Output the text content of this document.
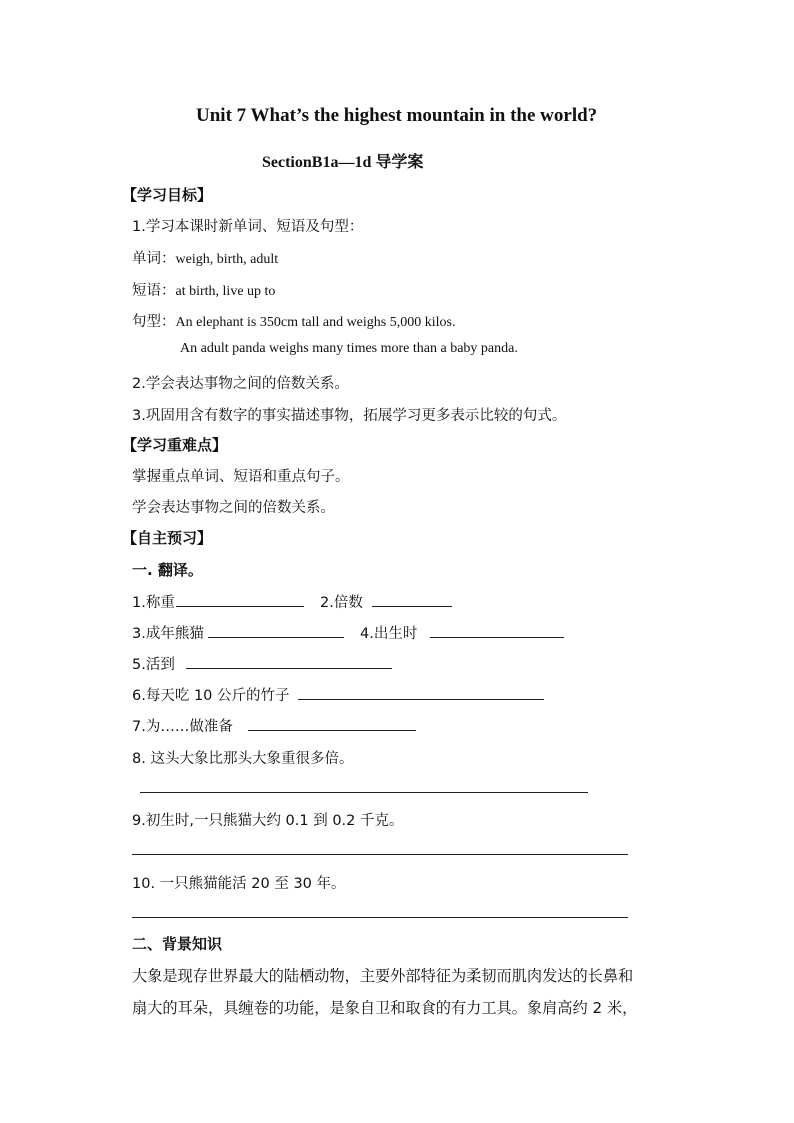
Unit 7 What’s the highest mountain in the world?
SectionB1a—1d 导学案
【学习目标】
1.学习本课时新单词、短语及句型：
单词：weigh, birth, adult
短语：at birth, live up to
句型：An elephant is 350cm tall and weighs 5,000 kilos.
An adult panda weighs many times more than a baby panda.
2.学会表达事物之间的倍数关系。
3.巩固用含有数字的事实描述事物，拓展学习更多表示比较的句式。
【学习重难点】
掌握重点单词、短语和重点句子。
学会表达事物之间的倍数关系。
【自主预习】
一. 翻译。
1.称重	2.倍数
3.成年熊猫	4.出生时
5.活到
6.每天吃 10 公斤的竹子
7.为……做准备
8. 这头大象比那头大象重很多倍。
9.初生时,一只熊猫大约 0.1 到 0.2 千克。
10. 一只熊猫能活 20 至 30 年。
二、背景知识
大象是现存世界最大的陆栖动物，主要外部特征为柔韧而肌肉发达的长鼻和
扇大的耳朵，具缠卷的功能，是象自卫和取食的有力工具。象肩高约 2 米，
